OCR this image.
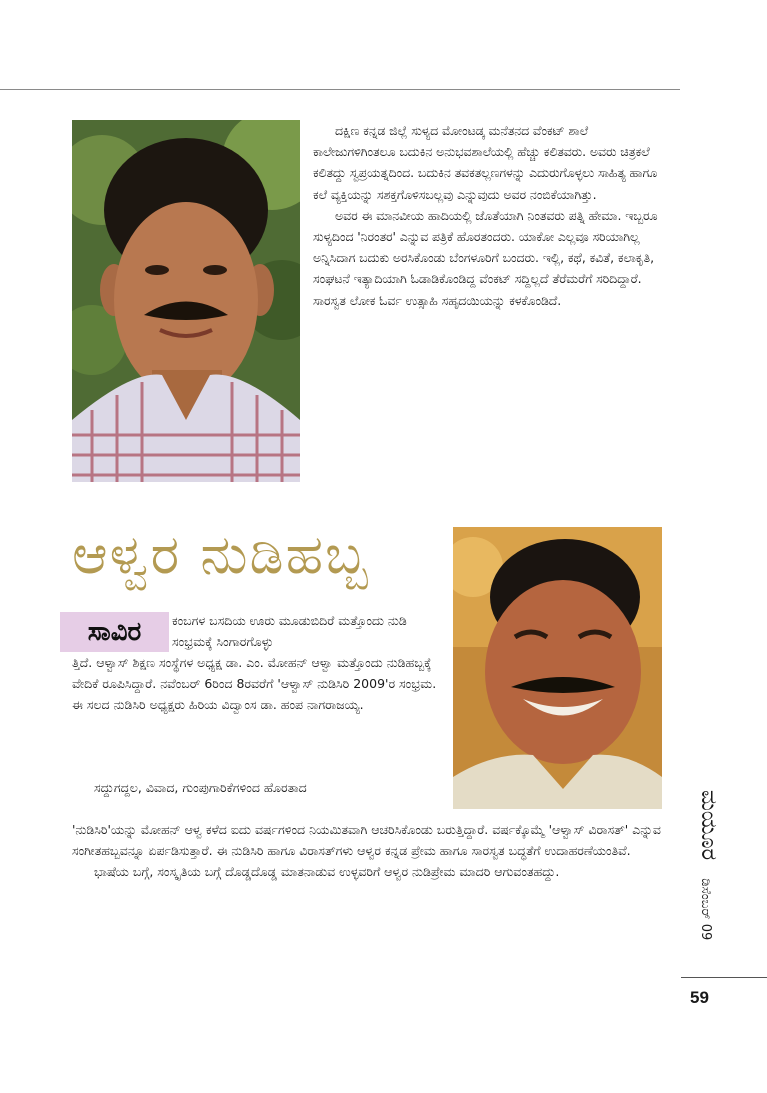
ದಕ್ಷಿಣ ಕನ್ನಡ ಜಿಲ್ಲೆ ಸುಳ್ಯದ ಮೋಂಟಡ್ಕ ಮನೆತನದ ವೆಂಕಟ್ ಶಾಲೆ ಕಾಲೇಜುಗಳಿಗಿಂತಲೂ ಬದುಕಿನ ಅನುಭವಶಾಲೆಯಲ್ಲಿ ಹೆಚ್ಚು ಕಲಿತವರು. ಅವರು ಚಿತ್ರಕಲೆ ಕಲಿತದ್ದು ಸ್ವಪ್ರಯತ್ನದಿಂದ. ಬದುಕಿನ ತವಕತಲ್ಲಣಗಳನ್ನು ಎದುರುಗೊಳ್ಳಲು ಸಾಹಿತ್ಯ ಹಾಗೂ ಕಲೆ ವ್ಯಕ್ತಿಯನ್ನು ಸಶಕ್ತಗೊಳಿಸಬಲ್ಲವು ಎನ್ನುವುದು ಅವರ ನಂಬಿಕೆಯಾಗಿತ್ತು.

ಅವರ ಈ ಮಾನವೀಯ ಹಾದಿಯಲ್ಲಿ ಜೊತೆಯಾಗಿ ನಿಂತವರು ಪತ್ನಿ ಹೇಮಾ. ಇಬ್ಬರೂ ಸುಳ್ಯದಿಂದ 'ನಿರಂತರ' ಎನ್ನುವ ಪತ್ರಿಕೆ ಹೊರತಂದರು. ಯಾಕೋ ಎಲ್ಲವೂ ಸರಿಯಾಗಿಲ್ಲ ಅನ್ನಿಸಿದಾಗ ಬದುಕು ಅರಸಿಕೊಂಡು ಬೆಂಗಳೂರಿಗೆ ಬಂದರು. ಇಲ್ಲಿ, ಕಥೆ, ಕವಿತೆ, ಕಲಾಕೃತಿ, ಸಂಘಟನೆ ಇತ್ಯಾದಿಯಾಗಿ ಓಡಾಡಿಕೊಂಡಿದ್ದ ವೆಂಕಟ್ ಸದ್ದಿಲ್ಲದೆ ತೆರೆಮರೆಗೆ ಸರಿದಿದ್ದಾರೆ. ಸಾರಸ್ವತ ಲೋಕ ಓರ್ವ ಉತ್ಸಾಹಿ ಸಹೃದಯಿಯನ್ನು ಕಳಕೊಂಡಿದೆ.

ಆಳ್ವರ ನುಡಿಹಬ್ಬ
ಸಾವಿರ	ಕಂಬಗಳ ಬಸದಿಯ ಊರು ಮೂಡುಬಿದಿರೆ ಮತ್ತೊಂದು ನುಡಿ ಸಂಭ್ರಮಕ್ಕೆ ಸಿಂಗಾರಗೊಳ್ಳು
ತ್ತಿದೆ. ಆಳ್ವಾಸ್ ಶಿಕ್ಷಣ ಸಂಸ್ಥೆಗಳ ಅಧ್ಯಕ್ಷ ಡಾ. ಎಂ. ಮೋಹನ್ ಆಳ್ವಾ ಮತ್ತೊಂದು ನುಡಿಹಬ್ಬಕ್ಕೆ ವೇದಿಕೆ ರೂಪಿಸಿದ್ದಾರೆ. ನವೆಂಬರ್ 6ರಿಂದ 8ರವರೆಗೆ 'ಆಳ್ವಾಸ್ ನುಡಿಸಿರಿ 2009'ರ ಸಂಭ್ರಮ. ಈ ಸಲದ ನುಡಿಸಿರಿ ಅಧ್ಯಕ್ಷರು ಹಿರಿಯ ವಿದ್ವಾಂಸ ಡಾ. ಹಂಪ ನಾಗರಾಜಯ್ಯ.

ಸದ್ದುಗದ್ದಲ, ವಿವಾದ, ಗುಂಪುಗಾರಿಕೆಗಳಿಂದ ಹೊರತಾದ

'ನುಡಿಸಿರಿ'ಯನ್ನು ಮೋಹನ್ ಆಳ್ವ ಕಳೆದ ಐದು ವರ್ಷಗಳಿಂದ ನಿಯಮಿತವಾಗಿ ಆಚರಿಸಿಕೊಂಡು ಬರುತ್ತಿದ್ದಾರೆ. ವರ್ಷಕ್ಕೊಮ್ಮೆ 'ಆಳ್ವಾಸ್ ವಿರಾಸತ್' ಎನ್ನುವ ಸಂಗೀತಹಬ್ಬವನ್ನೂ ಏರ್ಪಡಿಸುತ್ತಾರೆ. ಈ ನುಡಿಸಿರಿ ಹಾಗೂ ವಿರಾಸತ್‌ಗಳು ಆಳ್ವರ ಕನ್ನಡ ಪ್ರೇಮ ಹಾಗೂ ಸಾರಸ್ವತ ಬದ್ಧತೆಗೆ ಉದಾಹರಣೆಯಂತಿವೆ.

ಭಾಷೆಯ ಬಗ್ಗೆ, ಸಂಸ್ಕೃತಿಯ ಬಗ್ಗೆ ದೊಡ್ಡದೊಡ್ಡ ಮಾತನಾಡುವ ಉಳ್ಳವರಿಗೆ ಆಳ್ವರ ನುಡಿಪ್ರೇಮ ಮಾದರಿ ಆಗುವಂತಹದ್ದು.

ಮಯೂರ ಡಿಸೆಂಬರ್ 09
59
